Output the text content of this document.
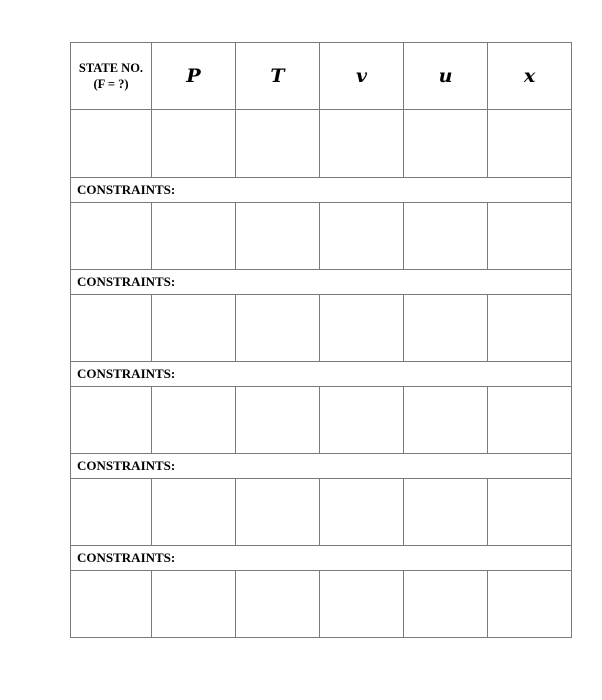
STATE NO.
(F = ?)	P	T	v	u	x

CONSTRAINTS:					

CONSTRAINTS:					

CONSTRAINTS:					

CONSTRAINTS:					

CONSTRAINTS:					
